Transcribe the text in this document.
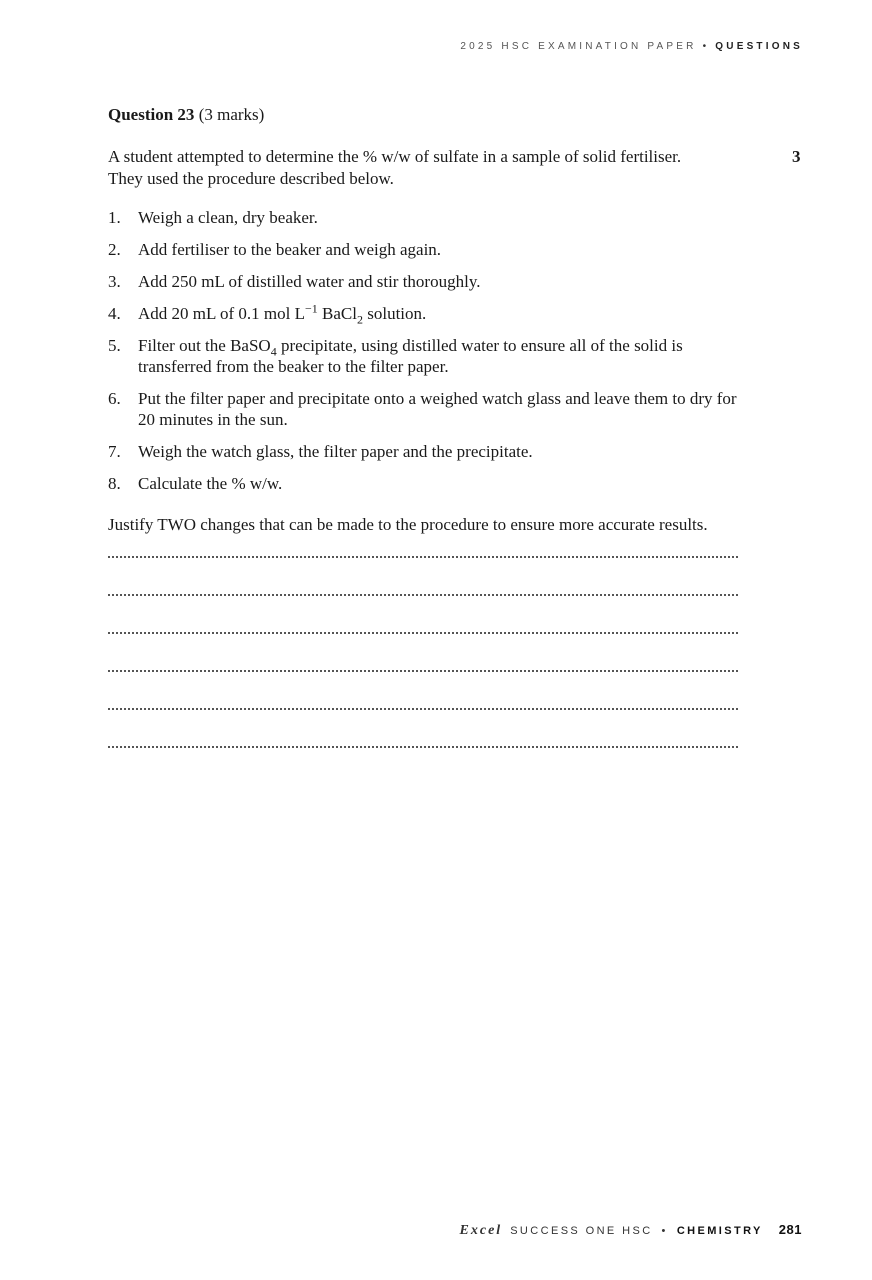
2025 HSC EXAMINATION PAPER • QUESTIONS
3

Question 23 (3 marks)

A student attempted to determine the % w/w of sulfate in a sample of solid fertiliser.
They used the procedure described below.
1. Weigh a clean, dry beaker.
2. Add fertiliser to the beaker and weigh again.
3. Add 250 mL of distilled water and stir thoroughly.
4. Add 20 mL of 0.1 mol $L^{-1}$ BaCl$_2$ solution.
5. Filter out the BaSO$_4$ precipitate, using distilled water to ensure all of the solid is transferred from the beaker to the filter paper.
6. Put the filter paper and precipitate onto a weighed watch glass and leave them to dry for 20 minutes in the sun.
7. Weigh the watch glass, the filter paper and the precipitate.
8. Calculate the % w/w.
Justify TWO changes that can be made to the procedure to ensure more accurate results.
Excel SUCCESS ONE HSC • CHEMISTRY 281
